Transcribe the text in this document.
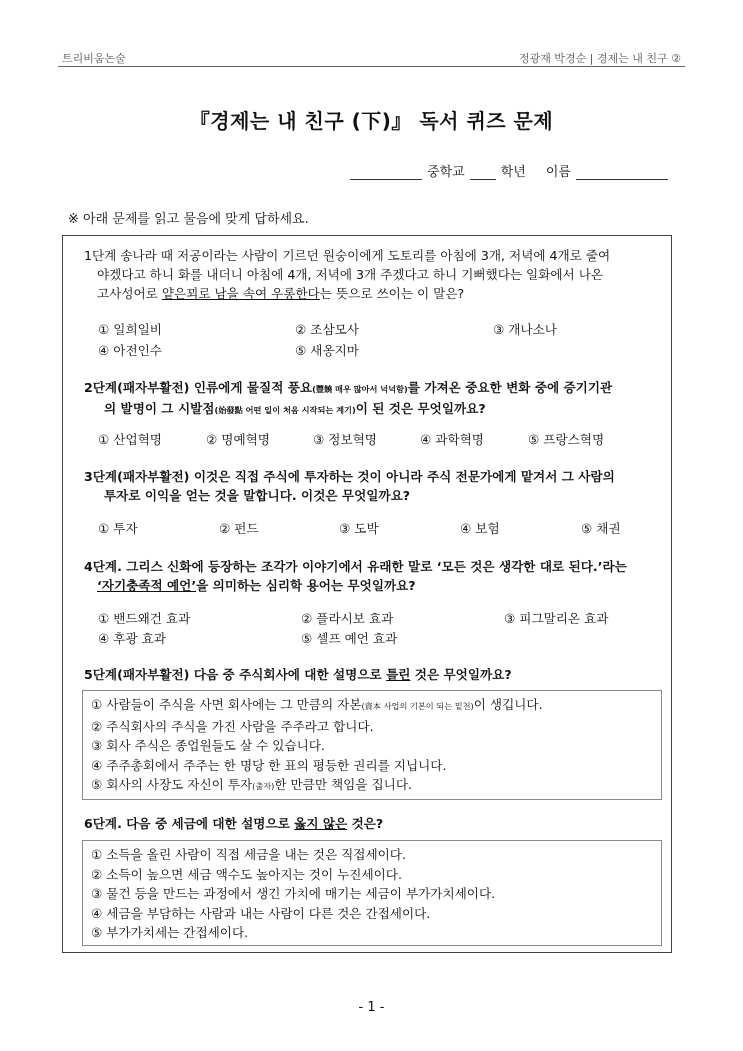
트리비움논술	정광재 박경순 | 경제는 내 친구 ②
『경제는 내 친구 (下)』 독서 퀴즈 문제
중학교	학년 이름
※ 아래 문제를 읽고 물음에 맞게 답하세요.
1단계 송나라 때 저공이라는 사람이 기르던 원숭이에게 도토리를 아침에 3개, 저녁에 4개로 줄여
야겠다고 하니 화를 내더니 아침에 4개, 저녁에 3개 주겠다고 하니 기뻐했다는 일화에서 나온
고사성어로 얕은꾀로 남을 속여 우롱한다는 뜻으로 쓰이는 이 말은?
① 일희일비	② 조삼모사	③ 개나소나
④ 아전인수	⑤ 새옹지마
2단계(패자부활전) 인류에게 물질적 풍요(豐饒 매우 많아서 넉넉함)를 가져온 중요한 변화 중에 증기기관
의 발명이 그 시발점(始發點 어떤 일이 처음 시작되는 계기)이 된 것은 무엇일까요?
① 산업혁명	② 명예혁명	③ 정보혁명	④ 과학혁명	⑤ 프랑스혁명
3단계(패자부활전) 이것은 직접 주식에 투자하는 것이 아니라 주식 전문가에게 맡겨서 그 사람의
투자로 이익을 얻는 것을 말합니다. 이것은 무엇일까요?
① 투자	② 펀드	③ 도박	④ 보험	⑤ 채권
4단계. 그리스 신화에 등장하는 조각가 이야기에서 유래한 말로 ‘모든 것은 생각한 대로 된다.’라는
‘자기충족적 예언’을 의미하는 심리학 용어는 무엇일까요?
① 밴드왜건 효과	② 플라시보 효과	③ 피그말리온 효과
④ 후광 효과	⑤ 셀프 예언 효과
5단계(패자부활전) 다음 중 주식회사에 대한 설명으로 틀린 것은 무엇일까요?
① 사람들이 주식을 사면 회사에는 그 만큼의 자본(資本 사업의 기본이 되는 밑천)이 생깁니다.
② 주식회사의 주식을 가진 사람을 주주라고 합니다.
③ 회사 주식은 종업원들도 살 수 있습니다.
④ 주주총회에서 주주는 한 명당 한 표의 평등한 권리를 지닙니다.
⑤ 회사의 사장도 자신이 투자(출자)한 만큼만 책임을 집니다.
6단계. 다음 중 세금에 대한 설명으로 옳지 않은 것은?
① 소득을 올린 사람이 직접 세금을 내는 것은 직접세이다.
② 소득이 높으면 세금 액수도 높아지는 것이 누진세이다.
③ 물건 등을 만드는 과정에서 생긴 가치에 매기는 세금이 부가가치세이다.
④ 세금을 부담하는 사람과 내는 사람이 다른 것은 간접세이다.
⑤ 부가가치세는 간접세이다.
- 1 -
